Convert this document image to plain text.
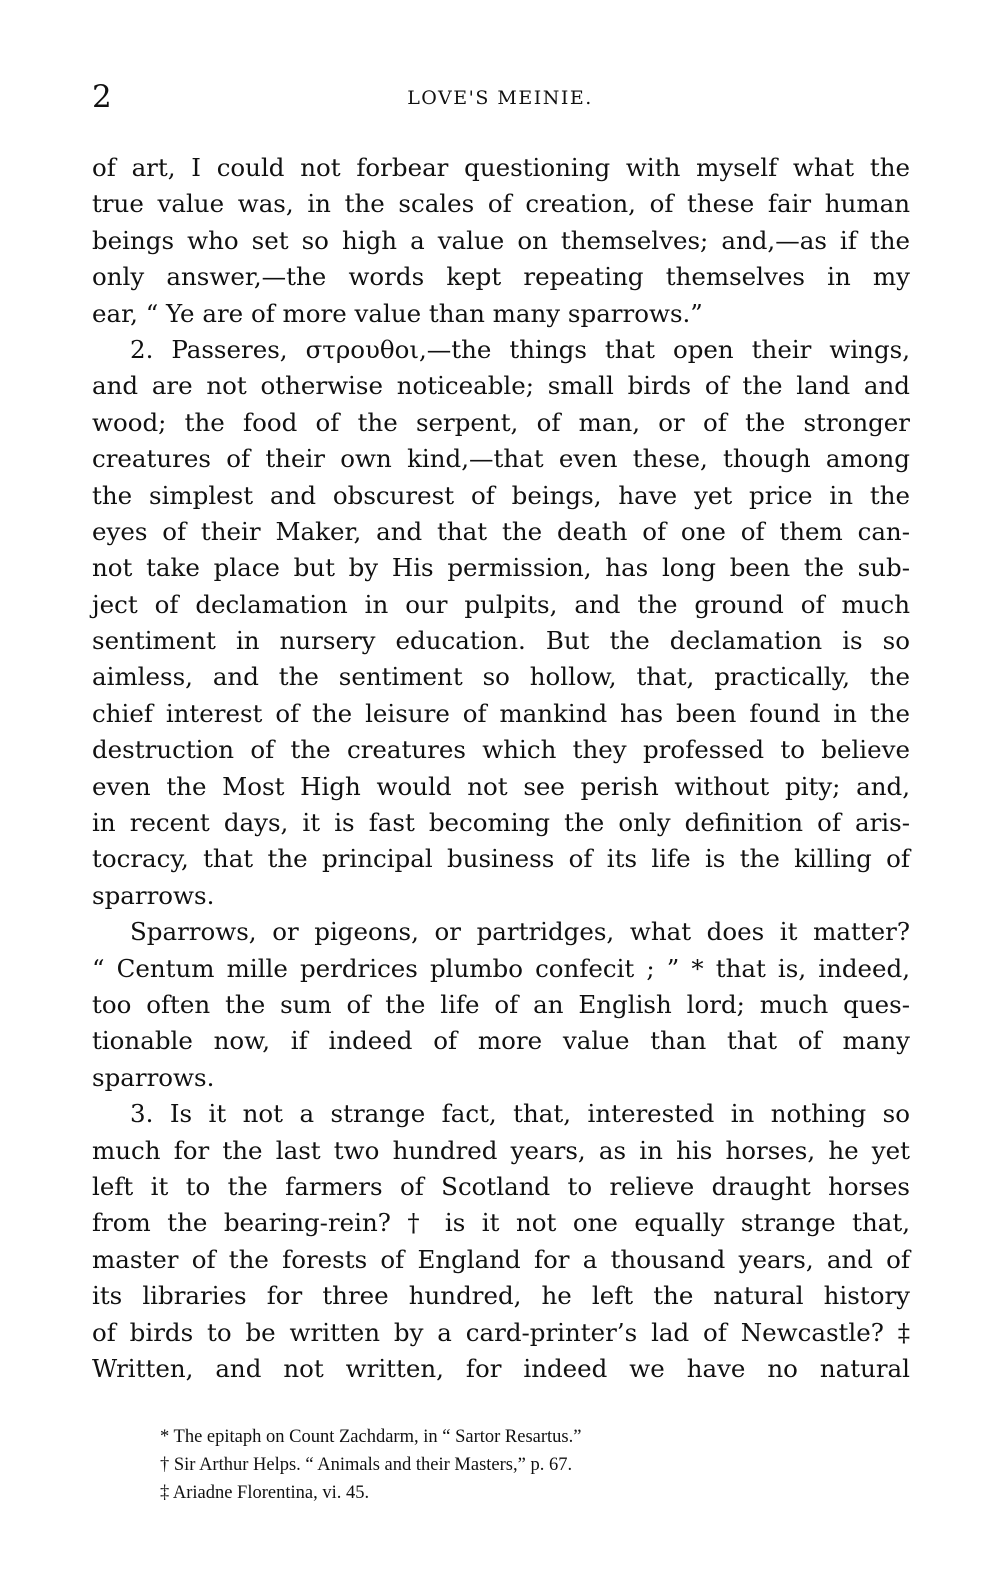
2	LOVE'S MEINIE.
of art, I could not forbear questioning with myself what the
true value was, in the scales of creation, of these fair human
beings who set so high a value on themselves; and,—as if the
only answer,—the words kept repeating themselves in my
ear, “ Ye are of more value than many sparrows.”
2. Passeres, στρουθοι,—the things that open their wings,
and are not otherwise noticeable; small birds of the land and
wood; the food of the serpent, of man, or of the stronger
creatures of their own kind,—that even these, though among
the simplest and obscurest of beings, have yet price in the
eyes of their Maker, and that the death of one of them can-
not take place but by His permission, has long been the sub-
ject of declamation in our pulpits, and the ground of much
sentiment in nursery education. But the declamation is so
aimless, and the sentiment so hollow, that, practically, the
chief interest of the leisure of mankind has been found in the
destruction of the creatures which they professed to believe
even the Most High would not see perish without pity; and,
in recent days, it is fast becoming the only definition of aris-
tocracy, that the principal business of its life is the killing of
sparrows.
Sparrows, or pigeons, or partridges, what does it matter?
“ Centum mille perdrices plumbo confecit ; ” * that is, indeed,
too often the sum of the life of an English lord; much ques-
tionable now, if indeed of more value than that of many
sparrows.
3. Is it not a strange fact, that, interested in nothing so
much for the last two hundred years, as in his horses, he yet
left it to the farmers of Scotland to relieve draught horses
from the bearing-rein? † is it not one equally strange that,
master of the forests of England for a thousand years, and of
its libraries for three hundred, he left the natural history
of birds to be written by a card-printer’s lad of Newcastle? ‡
Written, and not written, for indeed we have no natural
* The epitaph on Count Zachdarm, in “ Sartor Resartus.”
† Sir Arthur Helps. “ Animals and their Masters,” p. 67.
‡ Ariadne Florentina, vi. 45.
